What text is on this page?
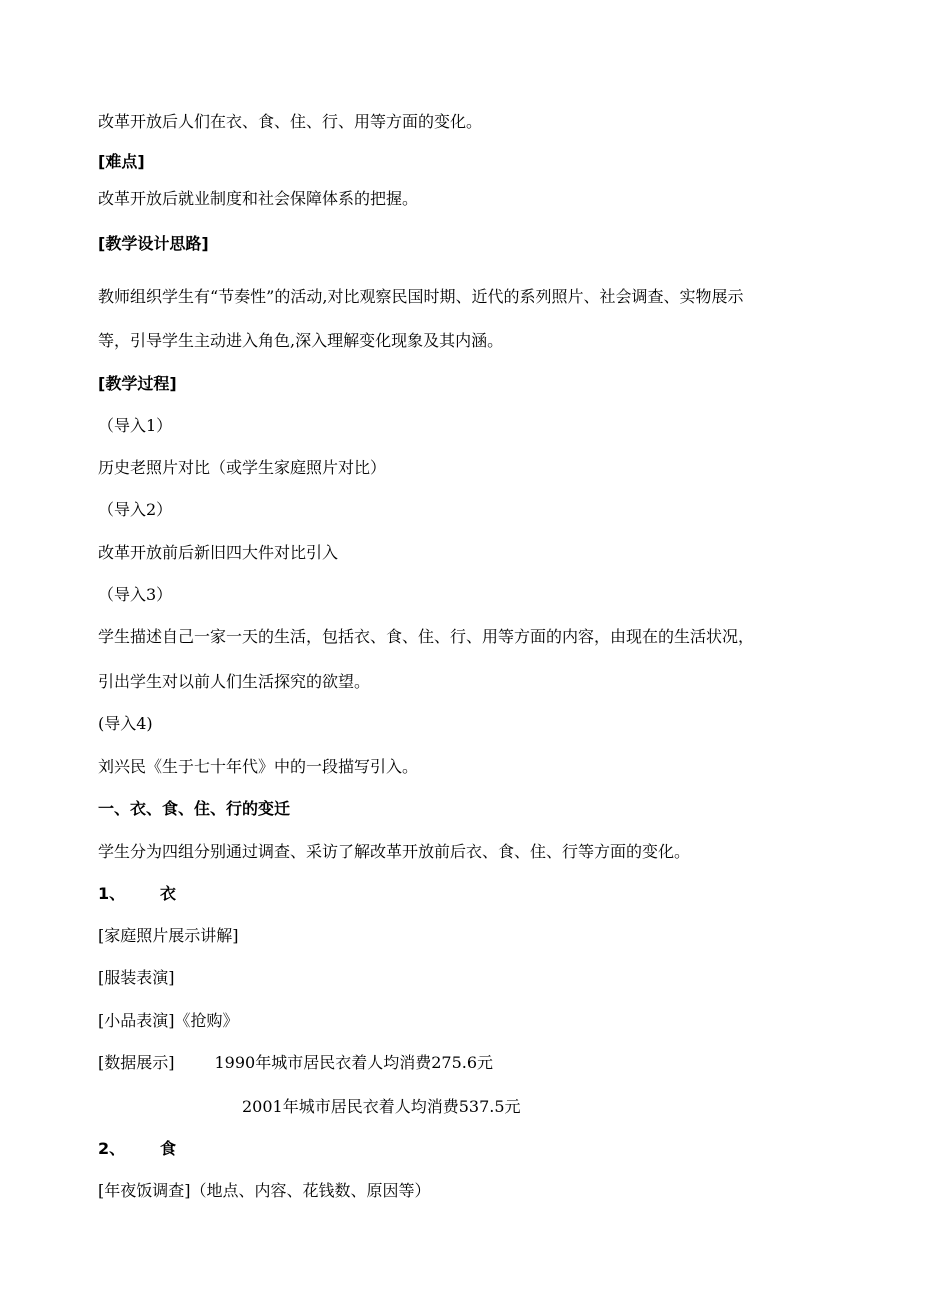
改革开放后人们在衣、食、住、行、用等方面的变化。
[难点]
改革开放后就业制度和社会保障体系的把握。
[教学设计思路]
教师组织学生有“节奏性”的活动,对比观察民国时期、近代的系列照片、社会调查、实物展示
等，引导学生主动进入角色,深入理解变化现象及其内涵。
[教学过程]
（导入1）
历史老照片对比（或学生家庭照片对比）
（导入2）
改革开放前后新旧四大件对比引入
（导入3）
学生描述自己一家一天的生活，包括衣、食、住、行、用等方面的内容，由现在的生活状况，
引出学生对以前人们生活探究的欲望。
(导入4)
刘兴民《生于七十年代》中的一段描写引入。
一、衣、食、住、行的变迁
学生分为四组分别通过调查、采访了解改革开放前后衣、食、住、行等方面的变化。
1、 衣
[家庭照片展示讲解]
[服装表演]
[小品表演]《抢购》
[数据展示]	1990年城市居民衣着人均消费275.6元
2001年城市居民衣着人均消费537.5元
2、 食
[年夜饭调查]（地点、内容、花钱数、原因等）
